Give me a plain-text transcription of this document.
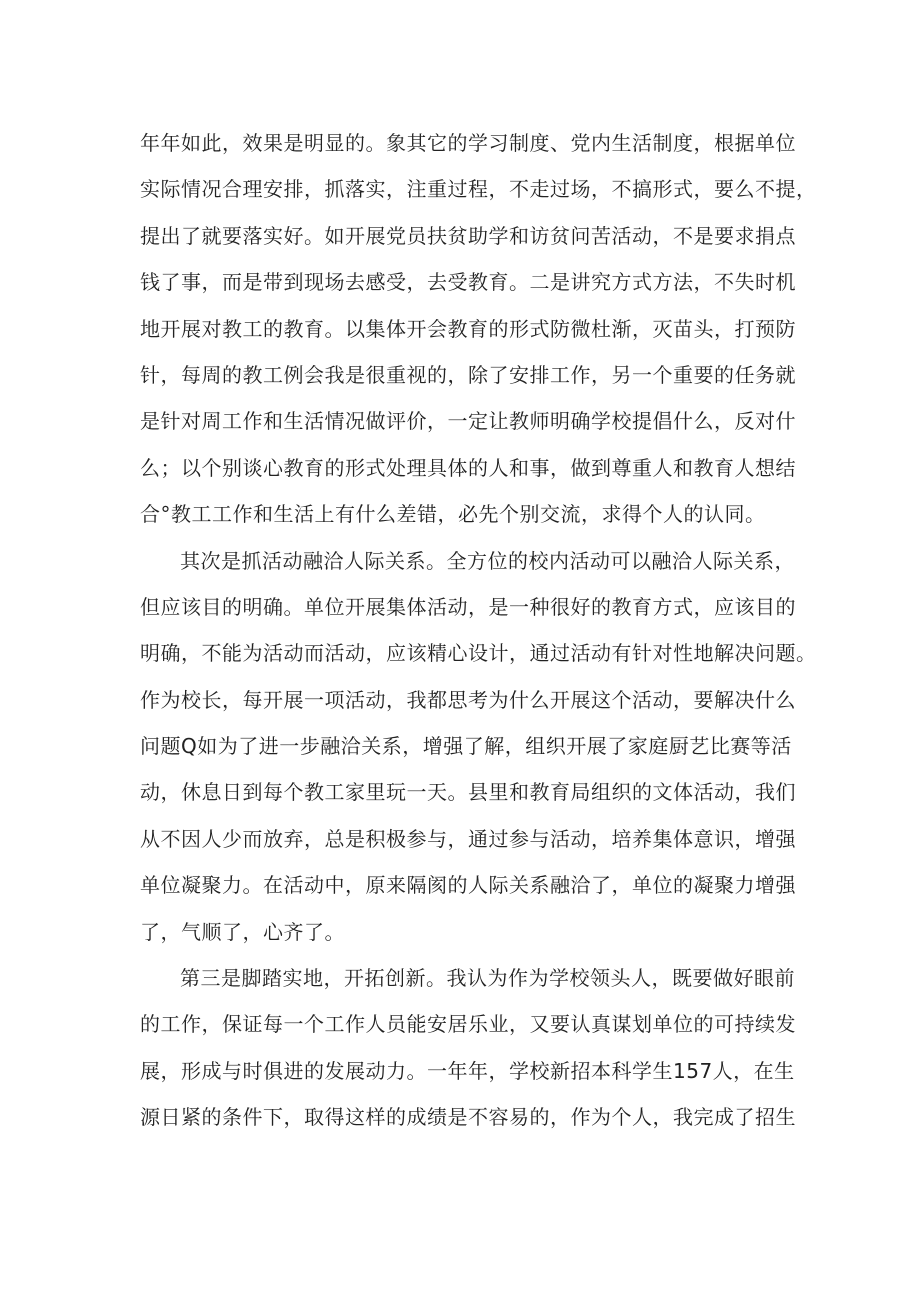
年年如此，效果是明显的。象其它的学习制度、党内生活制度，根据单位
实际情况合理安排，抓落实，注重过程，不走过场，不搞形式，要么不提，
提出了就要落实好。如开展党员扶贫助学和访贫问苦活动，不是要求捐点
钱了事，而是带到现场去感受，去受教育。二是讲究方式方法，不失时机
地开展对教工的教育。以集体开会教育的形式防微杜渐，灭苗头，打预防
针，每周的教工例会我是很重视的，除了安排工作，另一个重要的任务就
是针对周工作和生活情况做评价，一定让教师明确学校提倡什么，反对什
么；以个别谈心教育的形式处理具体的人和事，做到尊重人和教育人想结
合°教工工作和生活上有什么差错，必先个别交流，求得个人的认同。
其次是抓活动融洽人际关系。全方位的校内活动可以融洽人际关系，
但应该目的明确。单位开展集体活动，是一种很好的教育方式，应该目的
明确，不能为活动而活动，应该精心设计，通过活动有针对性地解决问题。
作为校长，每开展一项活动，我都思考为什么开展这个活动，要解决什么
问题Q如为了进一步融洽关系，增强了解，组织开展了家庭厨艺比赛等活
动，休息日到每个教工家里玩一天。县里和教育局组织的文体活动，我们
从不因人少而放弃，总是积极参与，通过参与活动，培养集体意识，增强
单位凝聚力。在活动中，原来隔阂的人际关系融洽了，单位的凝聚力增强
了，气顺了，心齐了。
第三是脚踏实地，开拓创新。我认为作为学校领头人，既要做好眼前
的工作，保证每一个工作人员能安居乐业，又要认真谋划单位的可持续发
展，形成与时俱进的发展动力。一年年，学校新招本科学生157人，在生
源日紧的条件下，取得这样的成绩是不容易的，作为个人，我完成了招生
